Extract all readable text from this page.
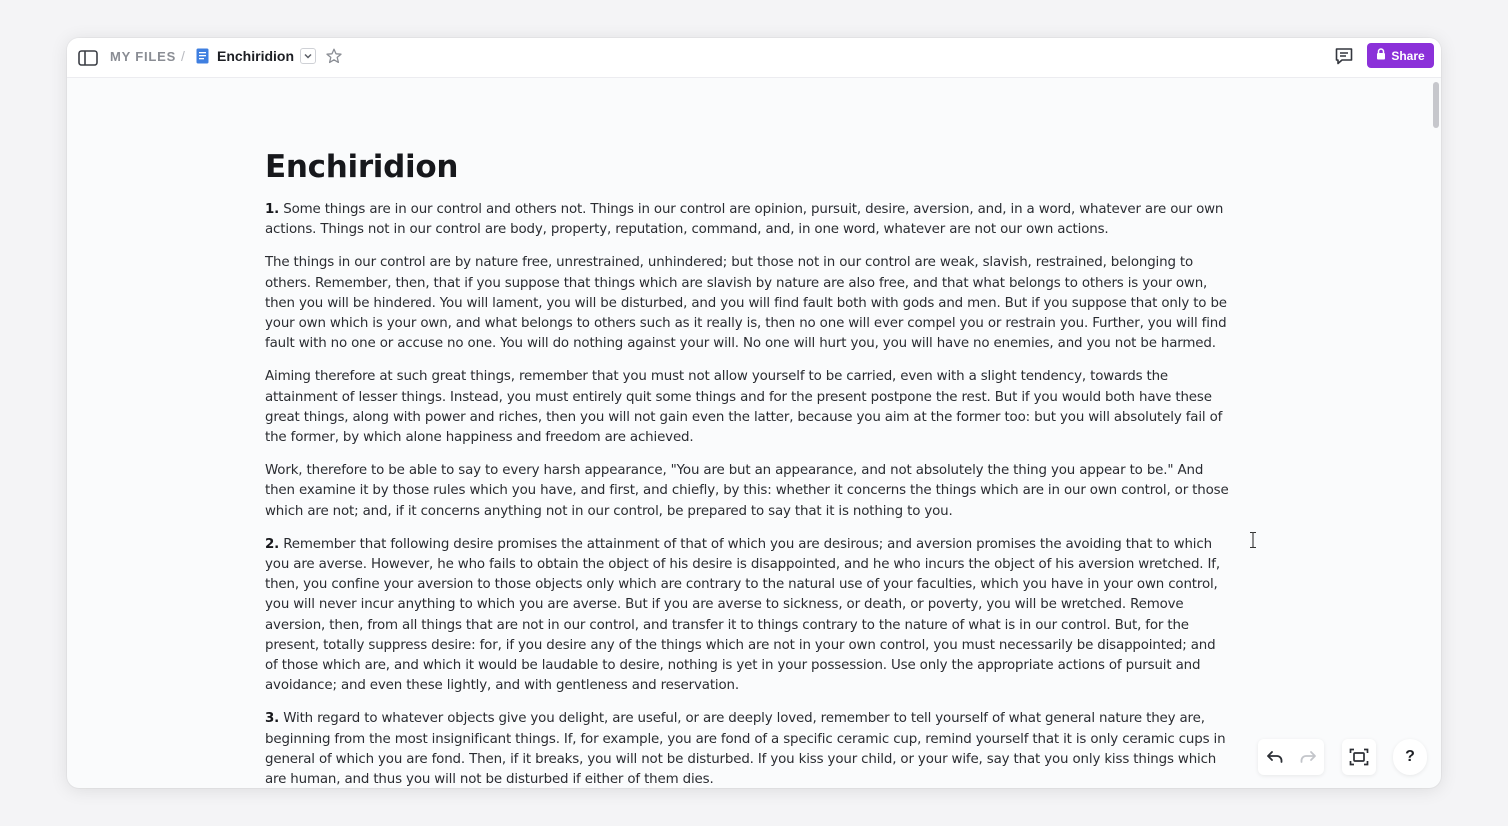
MY FILES / Enchiridion	Share
Enchiridion

1. Some things are in our control and others not. Things in our control are opinion, pursuit, desire, aversion, and, in a word, whatever are our own actions. Things not in our control are body, property, reputation, command, and, in one word, whatever are not our own actions.

The things in our control are by nature free, unrestrained, unhindered; but those not in our control are weak, slavish, restrained, belonging to others. Remember, then, that if you suppose that things which are slavish by nature are also free, and that what belongs to others is your own, then you will be hindered. You will lament, you will be disturbed, and you will find fault both with gods and men. But if you suppose that only to be your own which is your own, and what belongs to others such as it really is, then no one will ever compel you or restrain you. Further, you will find fault with no one or accuse no one. You will do nothing against your will. No one will hurt you, you will have no enemies, and you not be harmed.

Aiming therefore at such great things, remember that you must not allow yourself to be carried, even with a slight tendency, towards the attainment of lesser things. Instead, you must entirely quit some things and for the present postpone the rest. But if you would both have these great things, along with power and riches, then you will not gain even the latter, because you aim at the former too: but you will absolutely fail of the former, by which alone happiness and freedom are achieved.

Work, therefore to be able to say to every harsh appearance, "You are but an appearance, and not absolutely the thing you appear to be." And then examine it by those rules which you have, and first, and chiefly, by this: whether it concerns the things which are in our own control, or those which are not; and, if it concerns anything not in our control, be prepared to say that it is nothing to you.

2. Remember that following desire promises the attainment of that of which you are desirous; and aversion promises the avoiding that to which you are averse. However, he who fails to obtain the object of his desire is disappointed, and he who incurs the object of his aversion wretched. If, then, you confine your aversion to those objects only which are contrary to the natural use of your faculties, which you have in your own control, you will never incur anything to which you are averse. But if you are averse to sickness, or death, or poverty, you will be wretched. Remove aversion, then, from all things that are not in our control, and transfer it to things contrary to the nature of what is in our control. But, for the present, totally suppress desire: for, if you desire any of the things which are not in your own control, you must necessarily be disappointed; and of those which are, and which it would be laudable to desire, nothing is yet in your possession. Use only the appropriate actions of pursuit and avoidance; and even these lightly, and with gentleness and reservation.

3. With regard to whatever objects give you delight, are useful, or are deeply loved, remember to tell yourself of what general nature they are, beginning from the most insignificant things. If, for example, you are fond of a specific ceramic cup, remind yourself that it is only ceramic cups in general of which you are fond. Then, if it breaks, you will not be disturbed. If you kiss your child, or your wife, say that you only kiss things which are human, and thus you will not be disturbed if either of them dies.

?
